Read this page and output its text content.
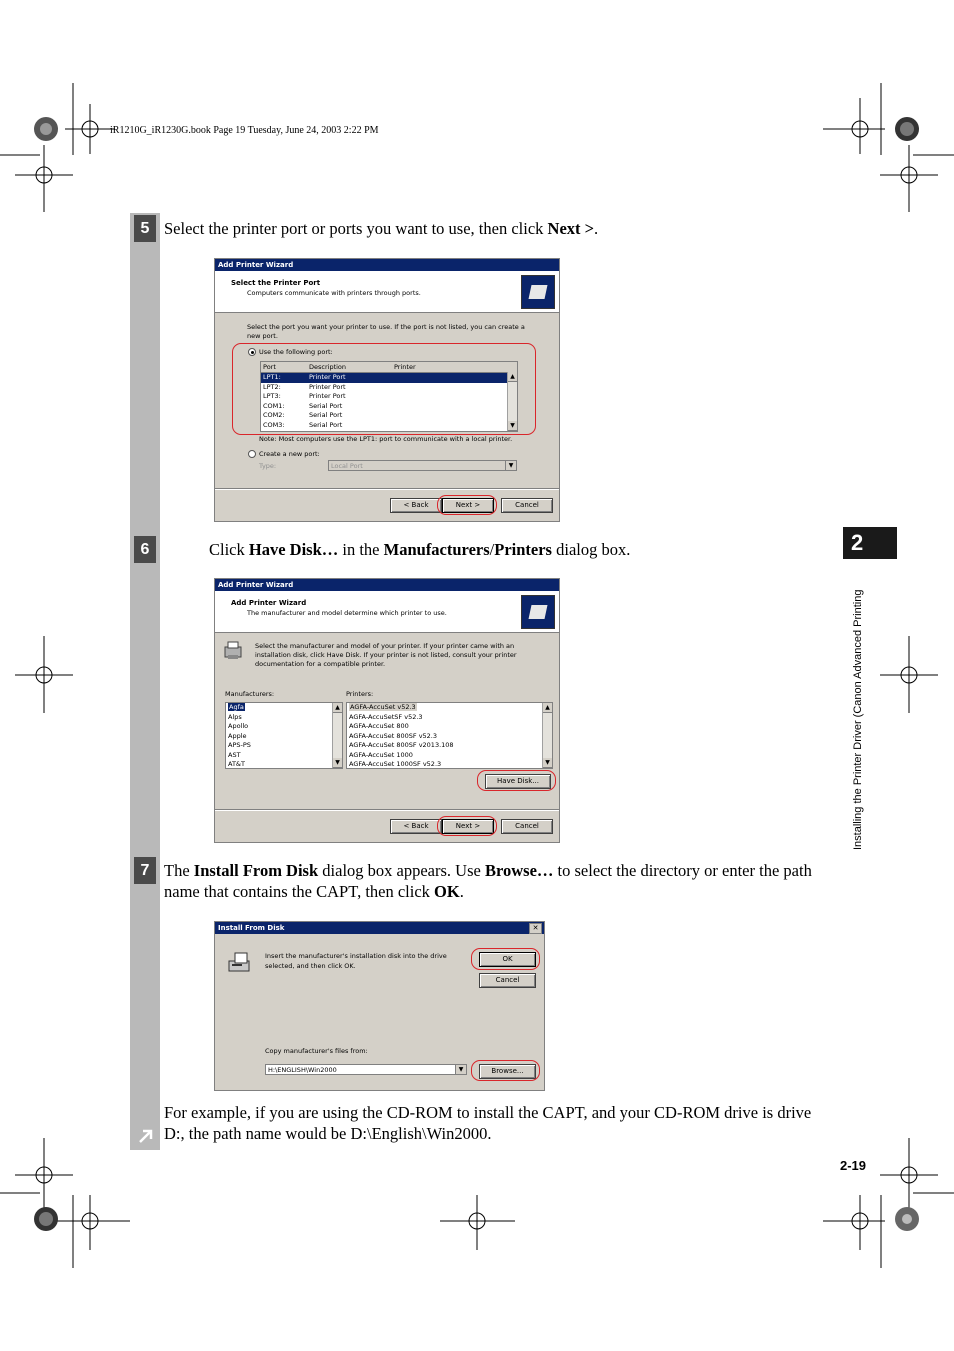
iR1210G_iR1230G.book Page 19 Tuesday, June 24, 2003 2:22 PM
5 Select the printer port or ports you want to use, then click Next >.
Add Printer Wizard
Select the Printer Port
Computers communicate with printers through ports.
Select the port you want your printer to use. If the port is not listed, you can create a new port.
Use the following port:
Port	Description	Printer
LPT1:	Printer Port

LPT2:	Printer Port

LPT3:	Printer Port

COM1:	Serial Port

COM2:	Serial Port

COM3:	Serial Port

▲
▼
Note: Most computers use the LPT1: port to communicate with a local printer.
Create a new port:
Type:	Local Port	▼
< Back	Next >	Cancel
6	Click Have Disk… in the Manufacturers/Printers dialog box.
Add Printer Wizard
Add Printer Wizard
The manufacturer and model determine which printer to use.
Select the manufacturer and model of your printer. If your printer came with an installation disk, click Have Disk. If your printer is not listed, consult your printer documentation for a compatible printer.
Manufacturers:	Printers:
Agfa
Alps
Apollo
Apple
APS-PS
AST
AT&T
▲
▼
AGFA-AccuSet v52.3
AGFA-AccuSetSF v52.3
AGFA-AccuSet 800
AGFA-AccuSet 800SF v52.3
AGFA-AccuSet 800SF v2013.108
AGFA-AccuSet 1000
AGFA-AccuSet 1000SF v52.3
▲
▼
Have Disk...
< Back	Next >	Cancel
7 The Install From Disk dialog box appears. Use Browse… to select the directory or enter the path name that contains the CAPT, then click OK.
Install From Disk	✕
Insert the manufacturer's installation disk into the drive selected, and then click OK.
OK
Cancel
Copy manufacturer's files from:
H:\ENGLISH\Win2000	▼	Browse...
For example, if you are using the CD-ROM to install the CAPT, and your CD-ROM drive is drive D:, the path name would be D:\English\Win2000.
2
Installing the Printer Driver (Canon Advanced Printing
2-19
